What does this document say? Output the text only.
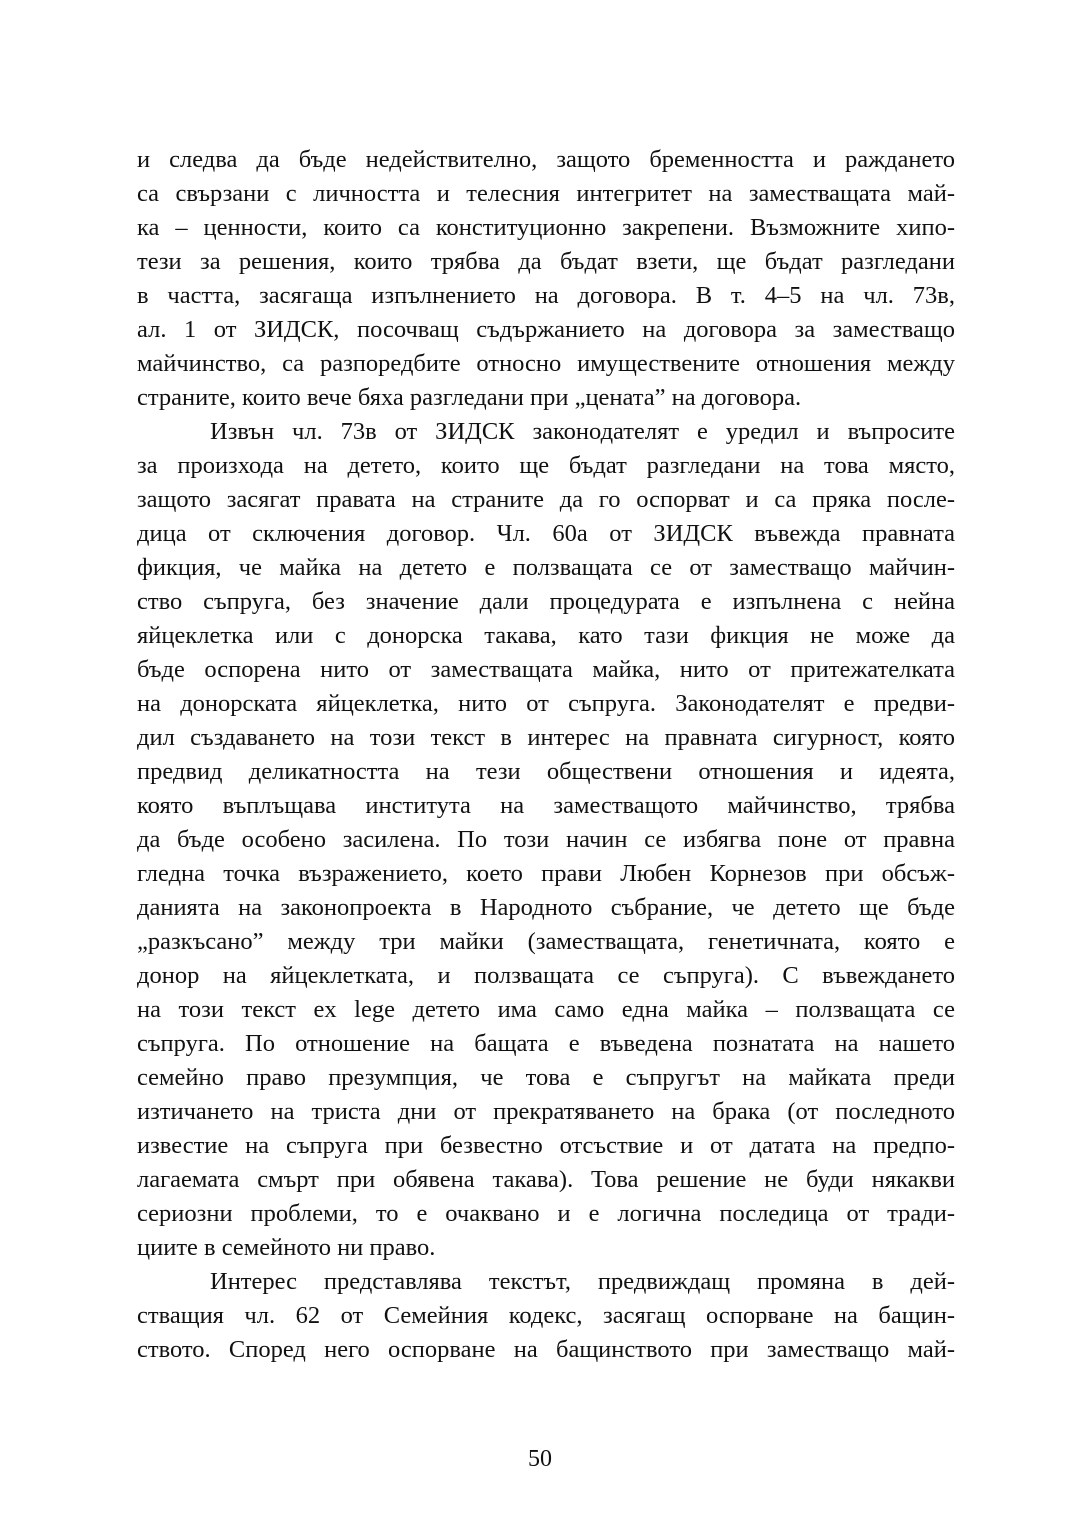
и следва да бъде недействително, защото бременността и раждането
са свързани с личността и телесния интегритет на заместващата май-
ка – ценности, които са конституционно закрепени. Възможните хипо-
тези за решения, които трябва да бъдат взети, ще бъдат разгледани
в частта, засягаща изпълнението на договора. В т. 4–5 на чл. 73в,
ал. 1 от ЗИДСК, посочващ съдържанието на договора за заместващо
майчинство, са разпоредбите относно имуществените отношения между
страните, които вече бяха разгледани при „цената” на договора.
Извън чл. 73в от ЗИДСК законодателят е уредил и въпросите
за произхода на детето, които ще бъдат разгледани на това място,
защото засягат правата на страните да го оспорват и са пряка после-
дица от сключения договор. Чл. 60а от ЗИДСК въвежда правната
фикция, че майка на детето е ползващата се от заместващо майчин-
ство съпруга, без значение дали процедурата е изпълнена с нейна
яйцеклетка или с донорска такава, като тази фикция не може да
бъде оспорена нито от заместващата майка, нито от притежателката
на донорската яйцеклетка, нито от съпруга. Законодателят е предви-
дил създаването на този текст в интерес на правната сигурност, която
предвид деликатността на тези обществени отношения и идеята,
която въплъщава института на заместващото майчинство, трябва
да бъде особено засилена. По този начин се избягва поне от правна
гледна точка възражението, което прави Любен Корнезов при обсъж-
данията на законопроекта в Народното събрание, че детето ще бъде
„разкъсано” между три майки (заместващата, генетичната, която е
донор на яйцеклетката, и ползващата се съпруга). С въвеждането
на този текст ex lege детето има само една майка – ползващата се
съпруга. По отношение на бащата е въведена познатата на нашето
семейно право презумпция, че това е съпругът на майката преди
изтичането на триста дни от прекратяването на брака (от последното
известие на съпруга при безвестно отсъствие и от датата на предпо-
лагаемата смърт при обявена такава). Това решение не буди някакви
сериозни проблеми, то е очаквано и е логична последица от тради-
циите в семейното ни право.
Интерес представлява текстът, предвиждащ промяна в дей-
стващия чл. 62 от Семейния кодекс, засягащ оспорване на бащин-
ството. Според него оспорване на бащинството при заместващо май-
50
